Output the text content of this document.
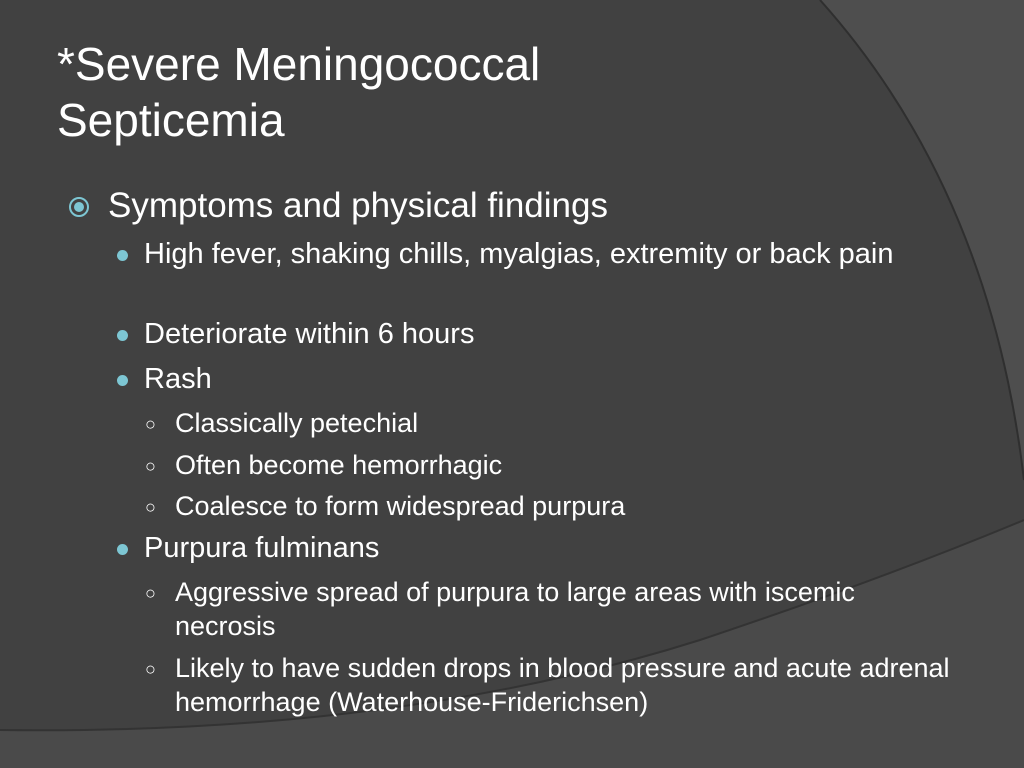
*Severe Meningococcal
Septicemia
Symptoms and physical findings
High fever, shaking chills, myalgias, extremity or back pain
Deteriorate within 6 hours
Rash
○ Classically petechial
○ Often become hemorrhagic
○ Coalesce to form widespread purpura
Purpura fulminans
○ Aggressive spread of purpura to large areas with iscemic necrosis
○ Likely to have sudden drops in blood pressure and acute adrenal hemorrhage (Waterhouse-Friderichsen)
